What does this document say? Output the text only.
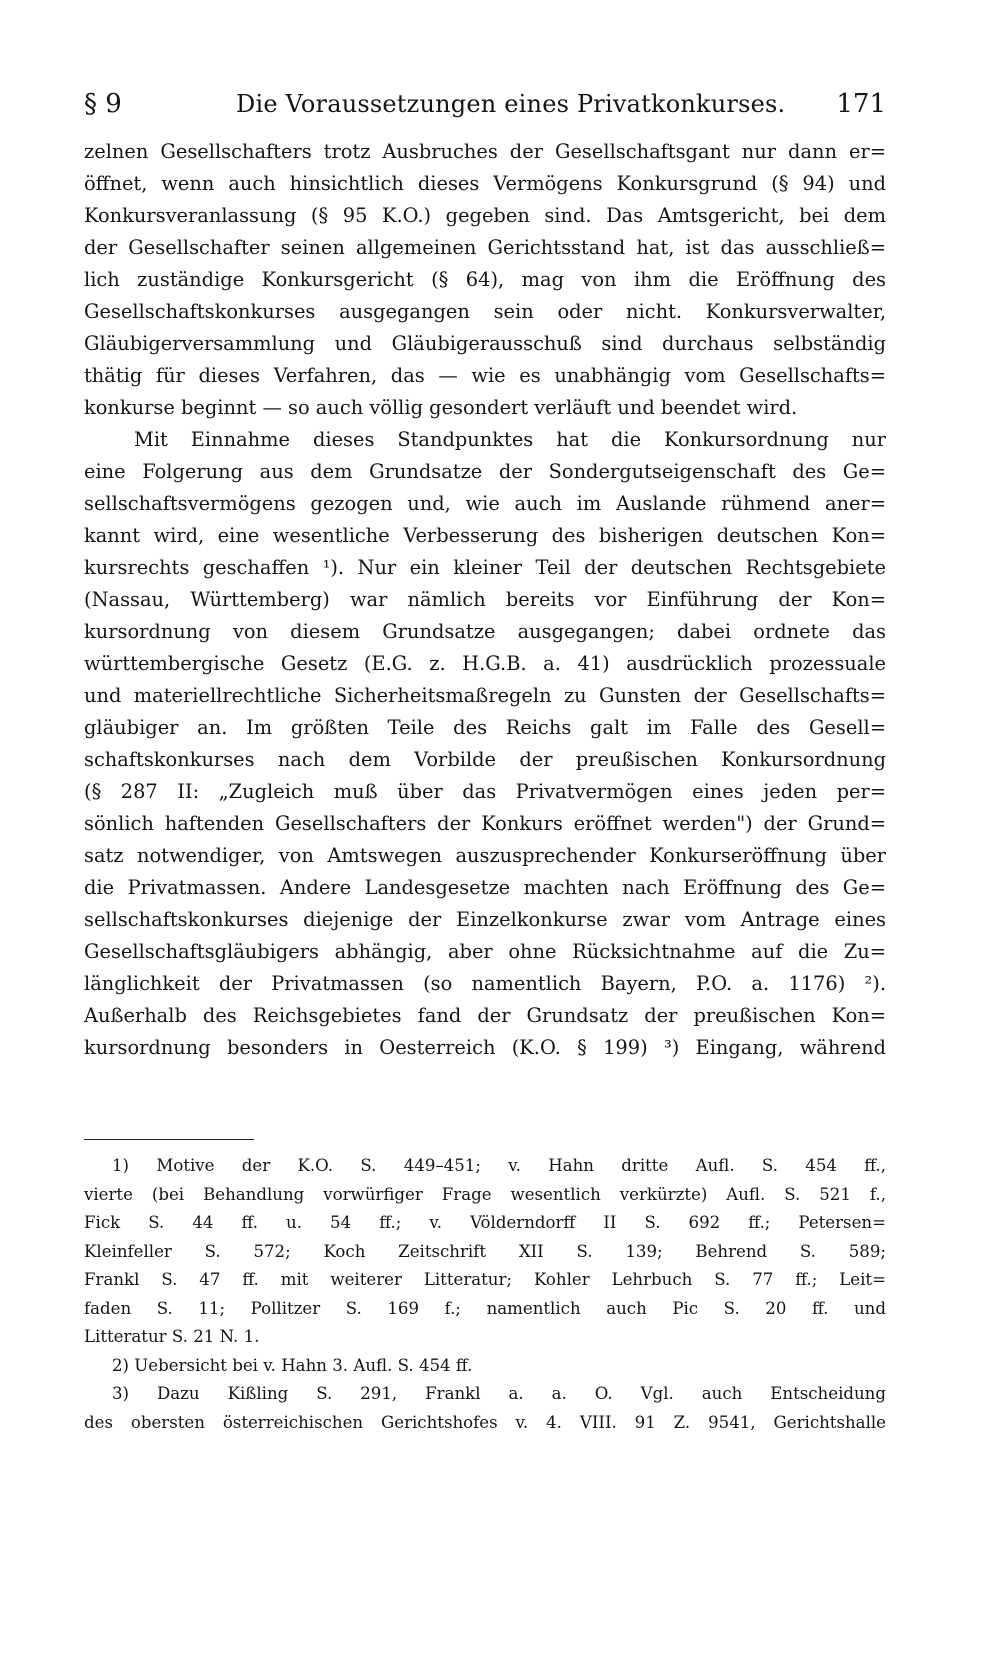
§ 9	Die Voraussetzungen eines Privatkonkurses. 171
zelnen Gesellschafters trotz Ausbruches der Gesellschaftsgant nur dann er=
öffnet, wenn auch hinsichtlich dieses Vermögens Konkursgrund (§ 94) und
Konkursveranlassung (§ 95 K.O.) gegeben sind. Das Amtsgericht, bei dem
der Gesellschafter seinen allgemeinen Gerichtsstand hat, ist das ausschließ=
lich zuständige Konkursgericht (§ 64), mag von ihm die Eröffnung des
Gesellschaftskonkurses ausgegangen sein oder nicht. Konkursverwalter,
Gläubigerversammlung und Gläubigerausschuß sind durchaus selbständig
thätig für dieses Verfahren, das — wie es unabhängig vom Gesellschafts=
konkurse beginnt — so auch völlig gesondert verläuft und beendet wird.
Mit Einnahme dieses Standpunktes hat die Konkursordnung nur
eine Folgerung aus dem Grundsatze der Sondergutseigenschaft des Ge=
sellschaftsvermögens gezogen und, wie auch im Auslande rühmend aner=
kannt wird, eine wesentliche Verbesserung des bisherigen deutschen Kon=
kursrechts geschaffen ¹). Nur ein kleiner Teil der deutschen Rechtsgebiete
(Nassau, Württemberg) war nämlich bereits vor Einführung der Kon=
kursordnung von diesem Grundsatze ausgegangen; dabei ordnete das
württembergische Gesetz (E.G. z. H.G.B. a. 41) ausdrücklich prozessuale
und materiellrechtliche Sicherheitsmaßregeln zu Gunsten der Gesellschafts=
gläubiger an. Im größten Teile des Reichs galt im Falle des Gesell=
schaftskonkurses nach dem Vorbilde der preußischen Konkursordnung
(§ 287 II: „Zugleich muß über das Privatvermögen eines jeden per=
sönlich haftenden Gesellschafters der Konkurs eröffnet werden") der Grund=
satz notwendiger, von Amtswegen auszusprechender Konkurseröffnung über
die Privatmassen. Andere Landesgesetze machten nach Eröffnung des Ge=
sellschaftskonkurses diejenige der Einzelkonkurse zwar vom Antrage eines
Gesellschaftsgläubigers abhängig, aber ohne Rücksichtnahme auf die Zu=
länglichkeit der Privatmassen (so namentlich Bayern, P.O. a. 1176) ²).
Außerhalb des Reichsgebietes fand der Grundsatz der preußischen Kon=
kursordnung besonders in Oesterreich (K.O. § 199) ³) Eingang, während
1) Motive der K.O. S. 449–451; v. Hahn dritte Aufl. S. 454 ff.,
vierte (bei Behandlung vorwürfiger Frage wesentlich verkürzte) Aufl. S. 521 f.,
Fick S. 44 ff. u. 54 ff.; v. Völderndorff II S. 692 ff.; Petersen=
Kleinfeller S. 572; Koch Zeitschrift XII S. 139; Behrend S. 589;
Frankl S. 47 ff. mit weiterer Litteratur; Kohler Lehrbuch S. 77 ff.; Leit=
faden S. 11; Pollitzer S. 169 f.; namentlich auch Pic S. 20 ff. und
Litteratur S. 21 N. 1.
2) Uebersicht bei v. Hahn 3. Aufl. S. 454 ff.
3) Dazu Kißling S. 291, Frankl a. a. O. Vgl. auch Entscheidung
des obersten österreichischen Gerichtshofes v. 4. VIII. 91 Z. 9541, Gerichtshalle
